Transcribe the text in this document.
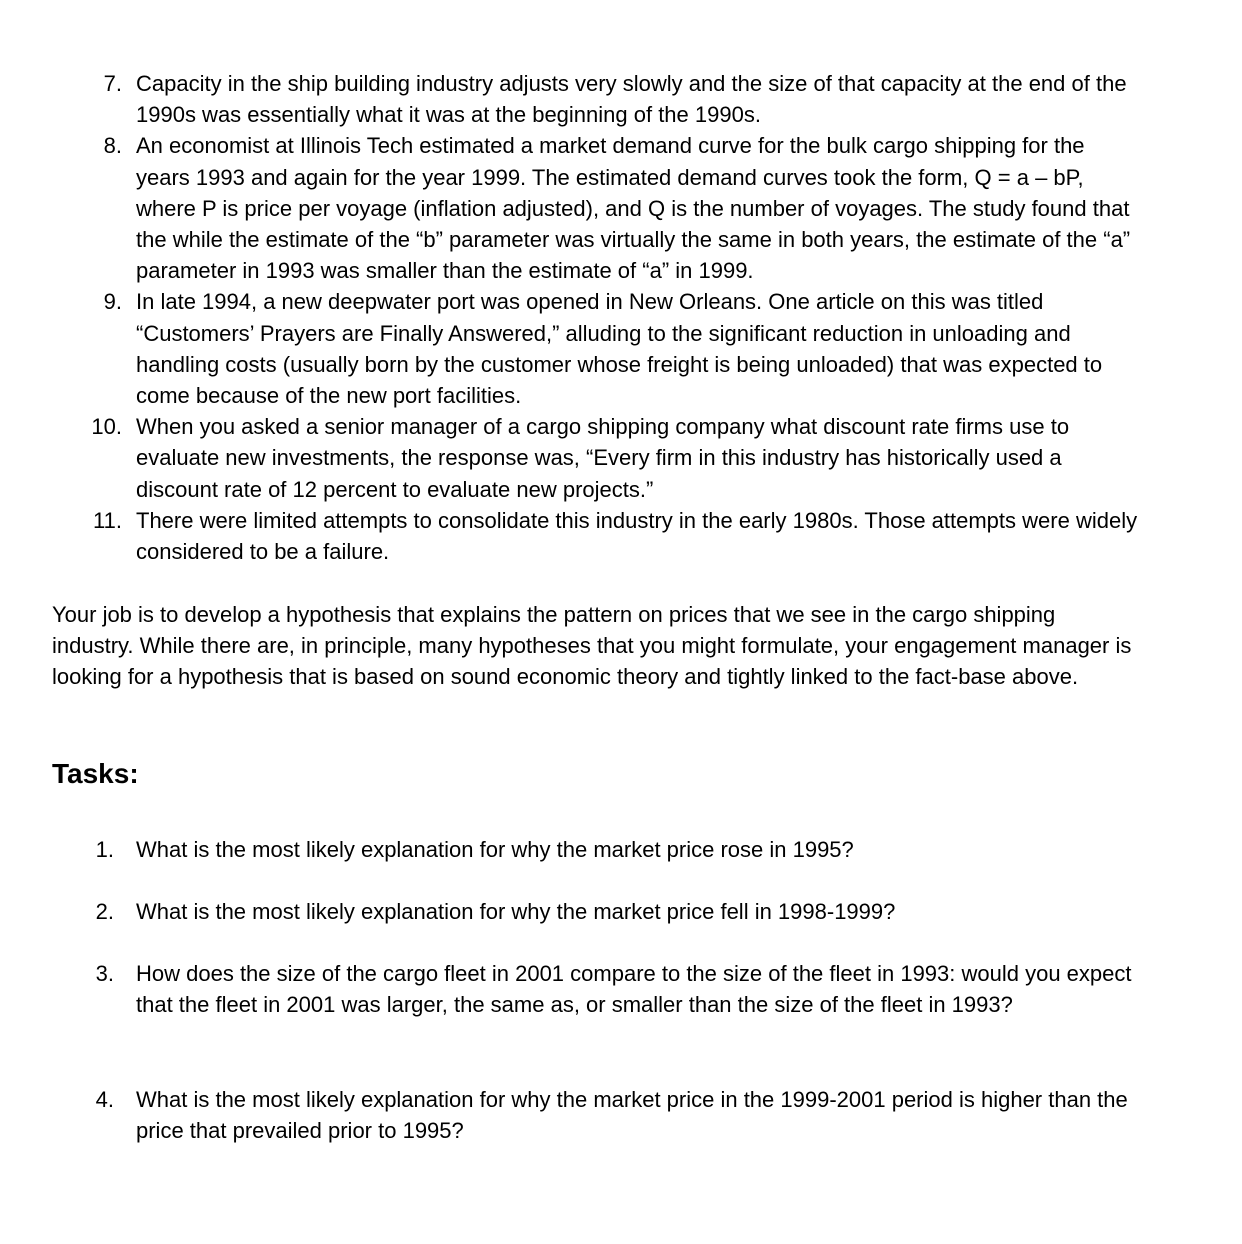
7. Capacity in the ship building industry adjusts very slowly and the size of that capacity at the end of the 1990s was essentially what it was at the beginning of the 1990s.
8. An economist at Illinois Tech estimated a market demand curve for the bulk cargo shipping for the years 1993 and again for the year 1999. The estimated demand curves took the form, Q = a – bP, where P is price per voyage (inflation adjusted), and Q is the number of voyages. The study found that the while the estimate of the “b” parameter was virtually the same in both years, the estimate of the “a” parameter in 1993 was smaller than the estimate of “a” in 1999.
9. In late 1994, a new deepwater port was opened in New Orleans. One article on this was titled “Customers’ Prayers are Finally Answered,” alluding to the significant reduction in unloading and handling costs (usually born by the customer whose freight is being unloaded) that was expected to come because of the new port facilities.
10. When you asked a senior manager of a cargo shipping company what discount rate firms use to evaluate new investments, the response was, “Every firm in this industry has historically used a discount rate of 12 percent to evaluate new projects.”
11. There were limited attempts to consolidate this industry in the early 1980s. Those attempts were widely considered to be a failure.

Your job is to develop a hypothesis that explains the pattern on prices that we see in the cargo shipping industry. While there are, in principle, many hypotheses that you might formulate, your engagement manager is looking for a hypothesis that is based on sound economic theory and tightly linked to the fact-base above.

Tasks:
1. What is the most likely explanation for why the market price rose in 1995?
2. What is the most likely explanation for why the market price fell in 1998-1999?
3. How does the size of the cargo fleet in 2001 compare to the size of the fleet in 1993: would you expect that the fleet in 2001 was larger, the same as, or smaller than the size of the fleet in 1993?
4. What is the most likely explanation for why the market price in the 1999-2001 period is higher than the price that prevailed prior to 1995?
